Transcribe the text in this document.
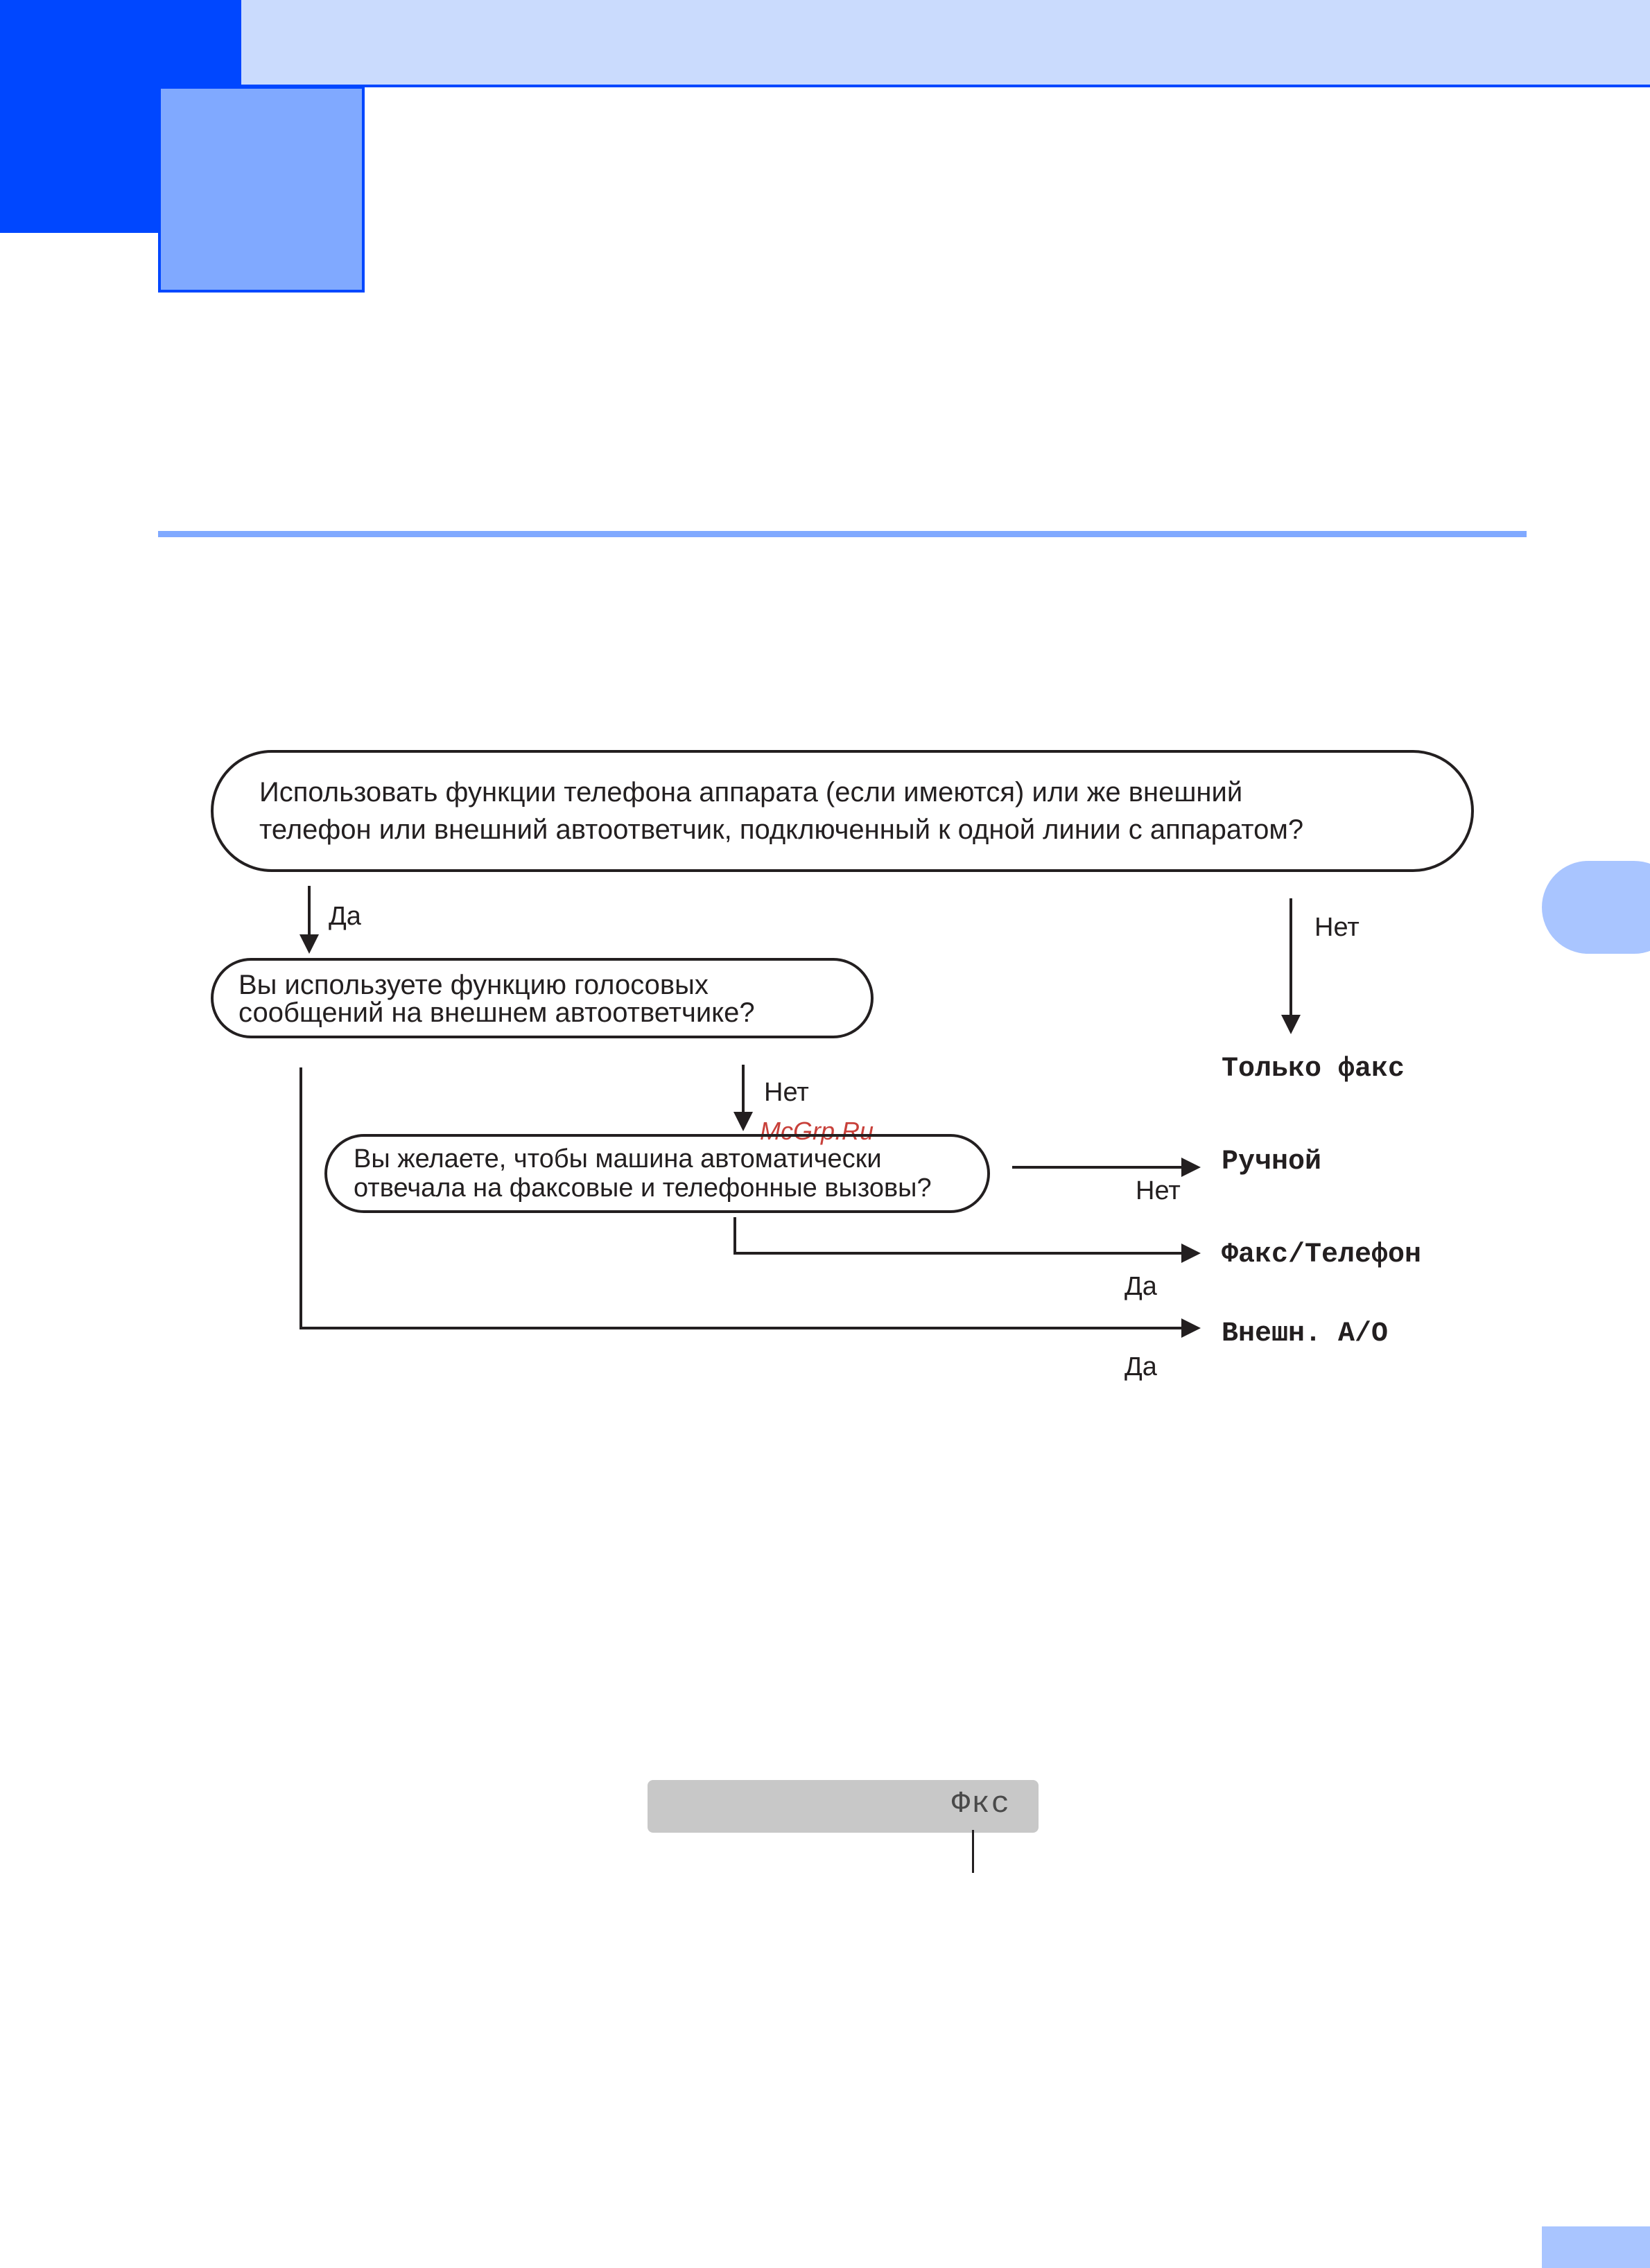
Использовать функции телефона аппарата (если имеются) или же внешний
телефон или внешний автоответчик, подключенный к одной линии с аппаратом?
Да	Нет
Только факс
Вы используете функцию голосовых
сообщений на внешнем автоответчике?
Нет
McGrp.Ru
Вы желаете, чтобы машина автоматически
отвечала на факсовые и телефонные вызовы?	Нет
Ручной
Да
Факс/Телефон
Да
Внешн. A/O
Фкс
